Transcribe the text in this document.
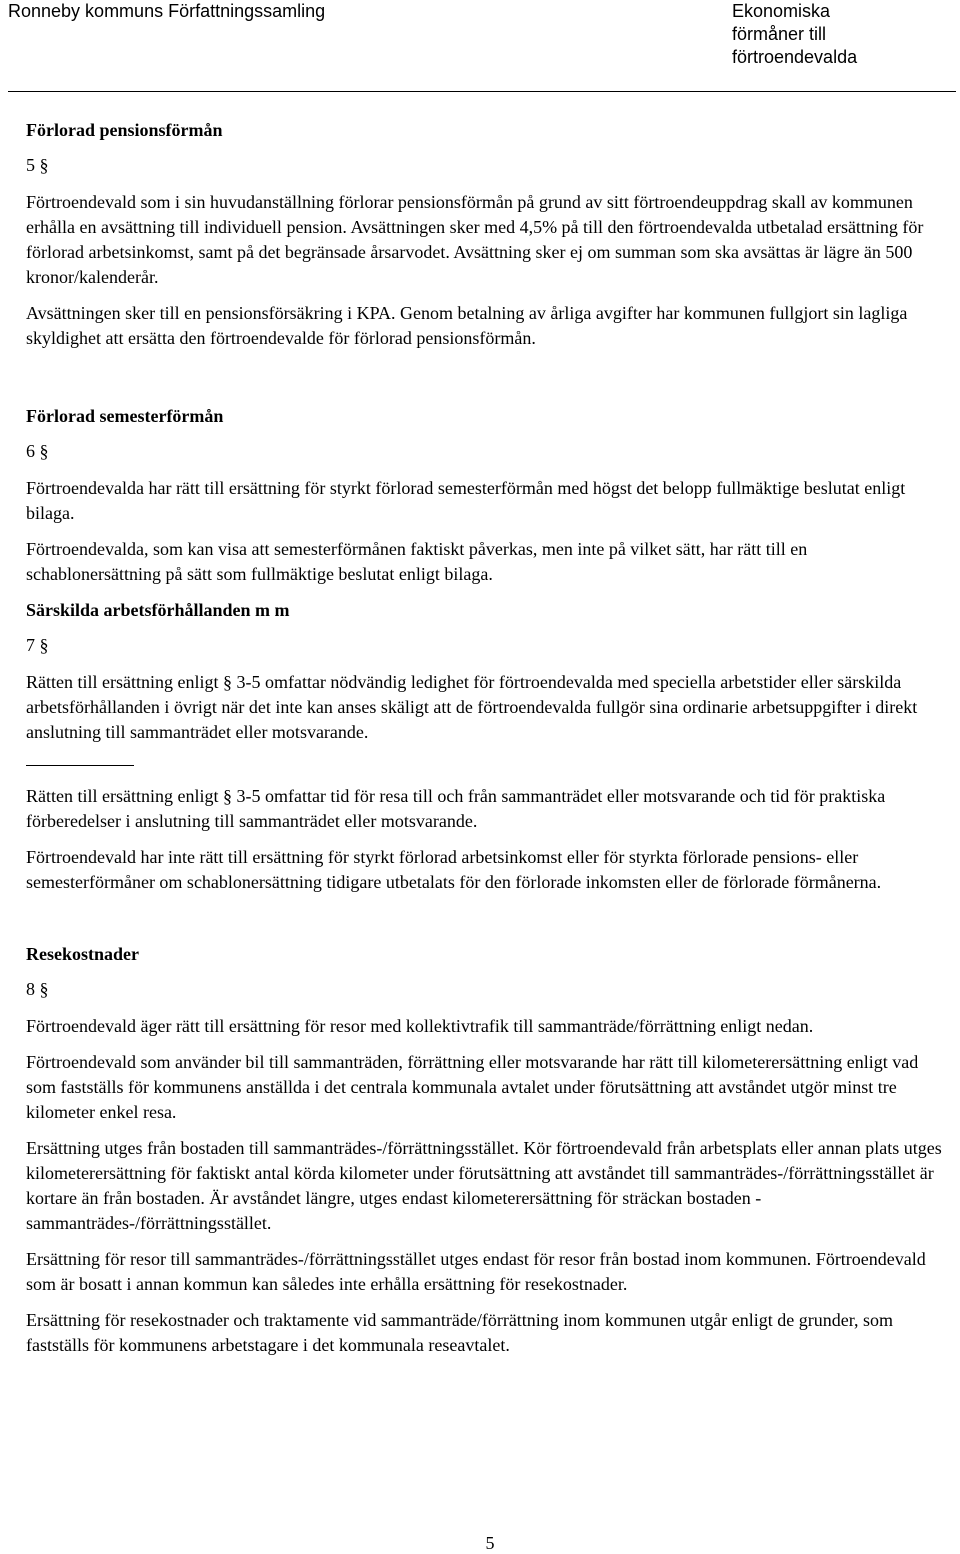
Ronneby kommuns Författningssamling	Ekonomiska
förmåner till
förtroendevalda
Förlorad pensionsförmån
5 §

Förtroendevald som i sin huvudanställning förlorar pensionsförmån på grund av sitt förtroendeuppdrag skall av kommunen erhålla en avsättning till individuell pension. Avsättningen sker med 4,5% på till den förtroendevalda utbetalad ersättning för förlorad arbetsinkomst, samt på det begränsade årsarvodet. Avsättning sker ej om summan som ska avsättas är lägre än 500 kronor/kalenderår.

Avsättningen sker till en pensionsförsäkring i KPA. Genom betalning av årliga avgifter har kommunen fullgjort sin lagliga skyldighet att ersätta den förtroendevalde för förlorad pensionsförmån.

Förlorad semesterförmån
6 §

Förtroendevalda har rätt till ersättning för styrkt förlorad semesterförmån med högst det belopp fullmäktige beslutat enligt bilaga.

Förtroendevalda, som kan visa att semesterförmånen faktiskt påverkas, men inte på vilket sätt, har rätt till en schablonersättning på sätt som fullmäktige beslutat enligt bilaga.

Särskilda arbetsförhållanden m m
7 §

Rätten till ersättning enligt § 3-5 omfattar nödvändig ledighet för förtroendevalda med speciella arbetstider eller särskilda arbetsförhållanden i övrigt när det inte kan anses skäligt att de förtroendevalda fullgör sina ordinarie arbetsuppgifter i direkt anslutning till sammanträdet eller motsvarande.

Rätten till ersättning enligt § 3-5 omfattar tid för resa till och från sammanträdet eller motsvarande och tid för praktiska förberedelser i anslutning till sammanträdet eller motsvarande.

Förtroendevald har inte rätt till ersättning för styrkt förlorad arbetsinkomst eller för styrkta förlorade pensions- eller semesterförmåner om schablonersättning tidigare utbetalats för den förlorade inkomsten eller de förlorade förmånerna.

Resekostnader
8 §

Förtroendevald äger rätt till ersättning för resor med kollektivtrafik till sammanträde/förrättning enligt nedan.

Förtroendevald som använder bil till sammanträden, förrättning eller motsvarande har rätt till kilometerersättning enligt vad som fastställs för kommunens anställda i det centrala kommunala avtalet under förutsättning att avståndet utgör minst tre kilometer enkel resa.

Ersättning utges från bostaden till sammanträdes-/förrättningsstället. Kör förtroendevald från arbetsplats eller annan plats utges kilometerersättning för faktiskt antal körda kilometer under förutsättning att avståndet till sammanträdes-/förrättningsstället är kortare än från bostaden. Är avståndet längre, utges endast kilometerersättning för sträckan bostaden - sammanträdes-/förrättningsstället.

Ersättning för resor till sammanträdes-/förrättningsstället utges endast för resor från bostad inom kommunen. Förtroendevald som är bosatt i annan kommun kan således inte erhålla ersättning för resekostnader.

Ersättning för resekostnader och traktamente vid sammanträde/förrättning inom kommunen utgår enligt de grunder, som fastställs för kommunens arbetstagare i det kommunala reseavtalet.

5
